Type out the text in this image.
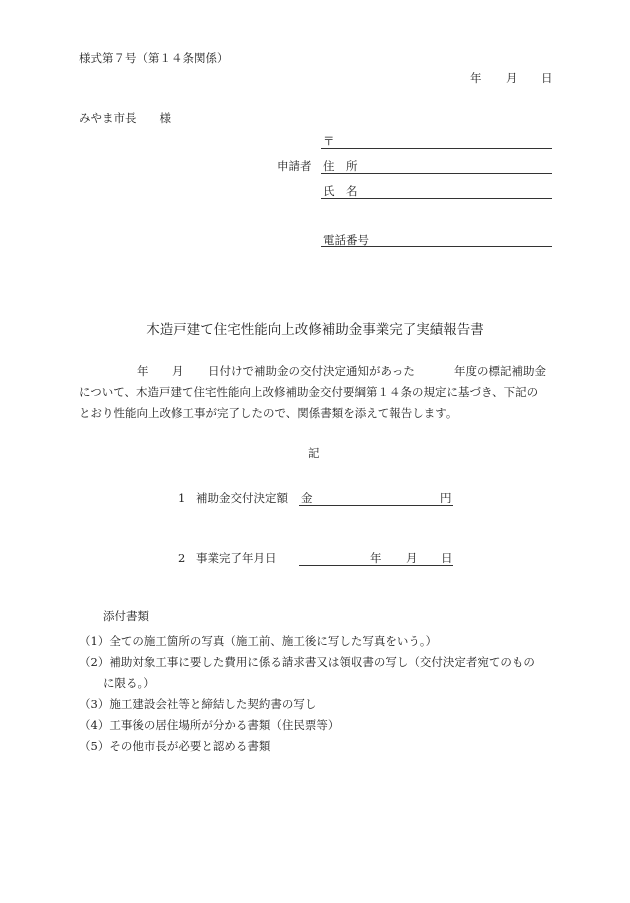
様式第７号（第１４条関係）
年 月 日
みやま市長　　様
〒
申請者 住　所
氏　名
電話番号
木造戸建て住宅性能向上改修補助金事業完了実績報告書
年 月 日付けで補助金の交付決定通知があった	年度の標記補助金
について、木造戸建て住宅性能向上改修補助金交付要綱第１４条の規定に基づき、下記の
とおり性能向上改修工事が完了したので、関係書類を添えて報告します。
記
1 補助金交付決定額 金	円
2 事業完了年月日	年 月 日
添付書類
（1）全ての施工箇所の写真（施工前、施工後に写した写真をいう。）
（2）補助対象工事に要した費用に係る請求書又は領収書の写し（交付決定者宛てのもの
に限る。）
（3）施工建設会社等と締結した契約書の写し
（4）工事後の居住場所が分かる書類（住民票等）
（5）その他市長が必要と認める書類
